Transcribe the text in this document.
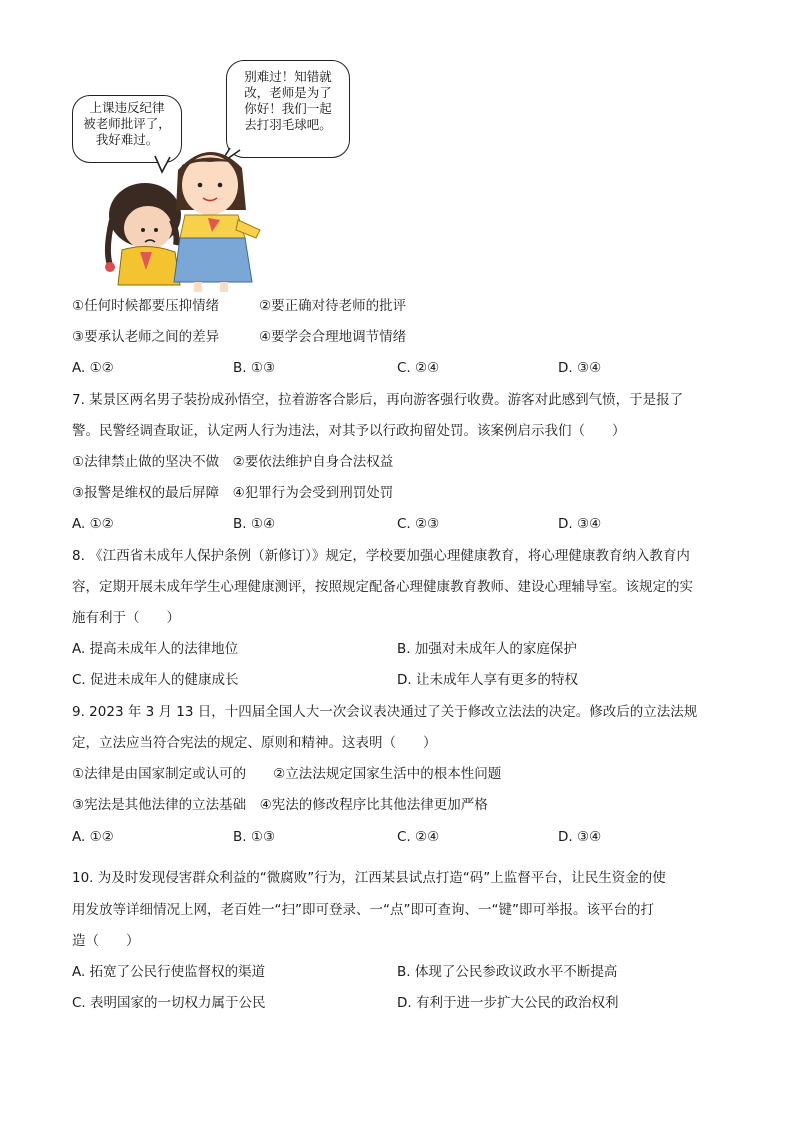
上课违反纪律
被老师批评了，
我好难过。
别难过！知错就
改，老师是为了
你好！我们一起
去打羽毛球吧。
①任何时候都要压抑情绪	②要正确对待老师的批评
③要承认老师之间的差异	④要学会合理地调节情绪
A. ①②	B. ①③	C. ②④	D. ③④
7. 某景区两名男子装扮成孙悟空，拉着游客合影后，再向游客强行收费。游客对此感到气愤，于是报了
警。民警经调查取证，认定两人行为违法，对其予以行政拘留处罚。该案例启示我们（　　）
①法律禁止做的坚决不做　②要依法维护自身合法权益
③报警是维权的最后屏障　④犯罪行为会受到刑罚处罚
A. ①②	B. ①④	C. ②③	D. ③④
8. 《江西省未成年人保护条例（新修订）》规定，学校要加强心理健康教育，将心理健康教育纳入教育内
容，定期开展未成年学生心理健康测评，按照规定配备心理健康教育教师、建设心理辅导室。该规定的实
施有利于（　　）
A. 提高未成年人的法律地位	B. 加强对未成年人的家庭保护
C. 促进未成年人的健康成长	D. 让未成年人享有更多的特权
9. 2023 年 3 月 13 日，十四届全国人大一次会议表决通过了关于修改立法法的决定。修改后的立法法规
定，立法应当符合宪法的规定、原则和精神。这表明（　　）
①法律是由国家制定或认可的　　②立法法规定国家生活中的根本性问题
③宪法是其他法律的立法基础　④宪法的修改程序比其他法律更加严格
A. ①②	B. ①③	C. ②④	D. ③④
10. 为及时发现侵害群众利益的“微腐败”行为，江西某县试点打造“码”上监督平台，让民生资金的使
用发放等详细情况上网，老百姓一“扫”即可登录、一“点”即可查询、一“键”即可举报。该平台的打
造（　　）
A. 拓宽了公民行使监督权的渠道	B. 体现了公民参政议政水平不断提高
C. 表明国家的一切权力属于公民	D. 有利于进一步扩大公民的政治权利
